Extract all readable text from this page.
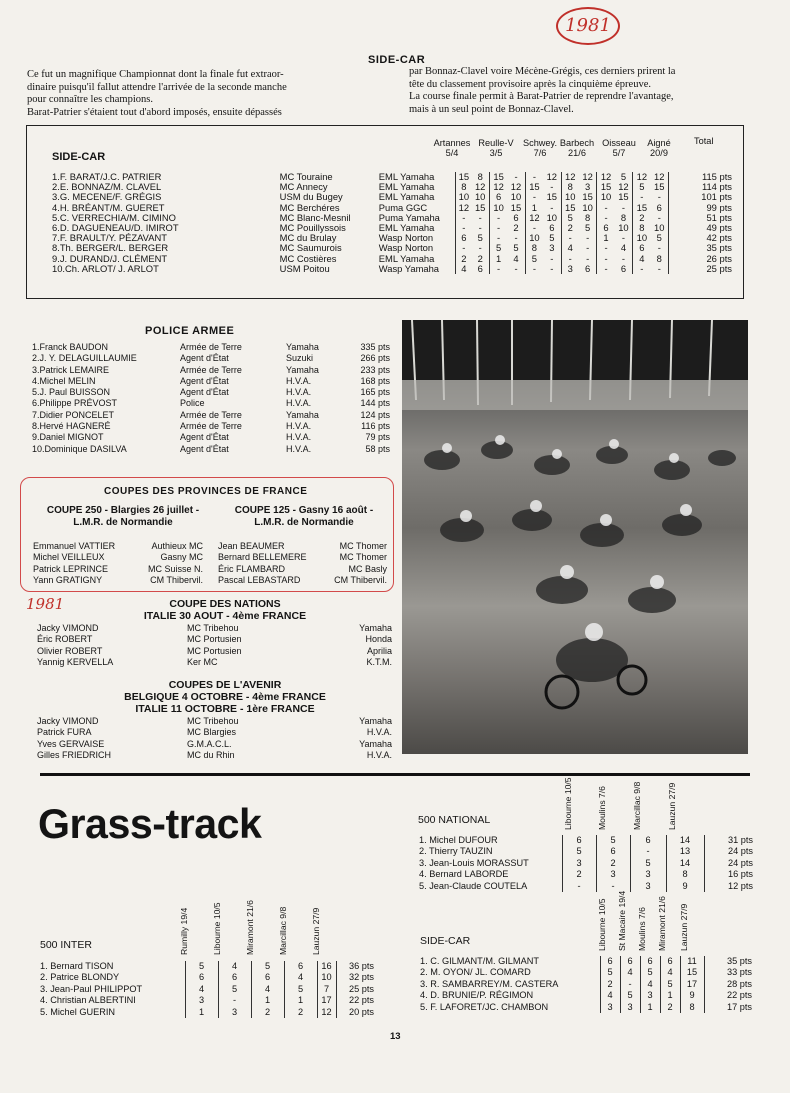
1981
1981
SIDE-CAR
Ce fut un magnifique Championnat dont la finale fut extraor-
dinaire puisqu'il fallut attendre l'arrivée de la seconde manche
pour connaître les champions.
Barat-Patrier s'étaient tout d'abord imposés, ensuite dépassés
par Bonnaz-Clavel voire Mécène-Grégis, ces derniers prirent la
tête du classement provisoire après la cinquième épreuve.
La course finale permit à Barat-Patrier de reprendre l'avantage,
mais à un seul point de Bonnaz-Clavel.
SIDE-CAR
Artannes
5/4
Reulle-V
3/5
Schwey.
7/6
Barbech
21/6
Oisseau
5/7
Aigné
20/9
Total
1.F. BARAT/J.C. PATRIER	MC Touraine	EML Yamaha	15	8	15	-	-	12	12	12	12	5	12	12	115 pts
2.E. BONNAZ/M. CLAVEL	MC Annecy	EML Yamaha	8	12	12	12	15	-	8	3	15	12	5	15	114 pts
3.G. MECENE/F. GRÉGIS	USM du Bugey	EML Yamaha	10	10	6	10	-	15	10	15	10	15	-	-	101 pts
4.H. BRÉANT/M. GUERET	MC Berchéres	Puma GGC	12	15	10	15	1	-	15	10	-	-	15	6	99 pts
5.C. VERRECHIA/M. CIMINO	MC Blanc-Mesnil	Puma Yamaha	-	-	-	6	12	10	5	8	-	8	2	-	51 pts
6.D. DAGUENEAU/D. IMIROT	MC Pouillyssois	EML Yamaha	-	-	-	2	-	6	2	5	6	10	8	10	49 pts
7.F. BRAULT/Y. PÉZAVANT	MC du Brulay	Wasp Norton	6	5	-	-	10	5	-	-	1	-	10	5	42 pts
8.Th. BERGER/L. BERGER	MC Saumurois	Wasp Norton	-	-	5	5	8	3	4	-	-	4	6	-	35 pts
9.J. DURAND/J. CLÉMENT	MC Costières	EML Yamaha	2	2	1	4	5	-	-	-	-	-	4	8	26 pts
10.Ch. ARLOT/ J. ARLOT	USM Poitou	Wasp Yamaha	4	6	-	-	-	-	3	6	-	6	-	-	25 pts
POLICE ARMEE
1.Franck BAUDON	Armée de Terre	Yamaha	335 pts
2.J. Y. DELAGUILLAUMIE	Agent d'État	Suzuki	266 pts
3.Patrick LEMAIRE	Armée de Terre	Yamaha	233 pts
4.Michel MELIN	Agent d'État	H.V.A.	168 pts
5.J. Paul BUISSON	Agent d'État	H.V.A.	165 pts
6.Philippe PRÉVOST	Police	H.V.A.	144 pts
7.Didier PONCELET	Armée de Terre	Yamaha	124 pts
8.Hervé HAGNERÉ	Armée de Terre	H.V.A.	116 pts
9.Daniel MIGNOT	Agent d'État	H.V.A.	79 pts
10.Dominique DASILVA	Agent d'État	H.V.A.	58 pts
COUPES DES PROVINCES DE FRANCE
COUPE 250 - Blargies 26 juillet -
L.M.R. de Normandie
COUPE 125 - Gasny 16 août -
L.M.R. de Normandie
Emmanuel VATTIER	Authieux MC
Michel VEILLEUX	Gasny MC
Patrick LEPRINCE	MC Suisse N.
Yann GRATIGNY	CM Thibervil.
Jean BEAUMER	MC Thomer
Bernard BELLEMERE	MC Thomer
Éric FLAMBARD	MC Basly
Pascal LEBASTARD	CM Thibervil.
COUPE DES NATIONS
ITALIE 30 AOUT - 4ème FRANCE
Jacky VIMOND	MC Tribehou	Yamaha
Éric ROBERT	MC Portusien	Honda
Olivier ROBERT	MC Portusien	Aprilia
Yannig KERVELLA	Ker MC	K.T.M.
COUPES DE L'AVENIR
BELGIQUE 4 OCTOBRE - 4ème FRANCE
ITALIE 11 OCTOBRE - 1ère FRANCE
Jacky VIMOND	MC Tribehou	Yamaha
Patrick FURA	MC Blargies	H.V.A.
Yves GERVAISE	G.M.A.C.L.	Yamaha
Gilles FRIEDRICH	MC du Rhin	H.V.A.
Grass-track	500 NATIONAL	Libourne 10/5	Moulins 7/6	Marcillac 9/8	Lauzun 27/9
1. Michel DUFOUR	6	5	6	14	31 pts
2. Thierry TAUZIN	5	6	-	13	24 pts
3. Jean-Louis MORASSUT	3	2	5	14	24 pts
4. Bernard LABORDE	2	3	3	8	16 pts
5. Jean-Claude COUTELA	-	-	3	9	12 pts
500 INTER	Rumilly 19/4	Libourne 10/5	Miramont 21/6	Marcillac 9/8	Lauzun 27/9
1. Bernard TISON	5	4	5	6	16	36 pts
2. Patrice BLONDY	6	6	6	4	10	32 pts
3. Jean-Paul PHILIPPOT	4	5	4	5	7	25 pts
4. Christian ALBERTINI	3	-	1	1	17	22 pts
5. Michel GUERIN	1	3	2	2	12	20 pts
SIDE-CAR	Libourne 10/5 St Macaire 19/4 Moulins 7/6 Miramont 21/6 Lauzun 27/9
1. C. GILMANT/M. GILMANT	6	6	6	6	11	35 pts
2. M. OYON/ JL. COMARD	5	4	5	4	15	33 pts
3. R. SAMBARREY/M. CASTERA	2	-	4	5	17	28 pts
4. D. BRUNIE/P. RÉGIMON	4	5	3	1	9	22 pts
5. F. LAFORET/JC. CHAMBON	3	3	1	2	8	17 pts
13
